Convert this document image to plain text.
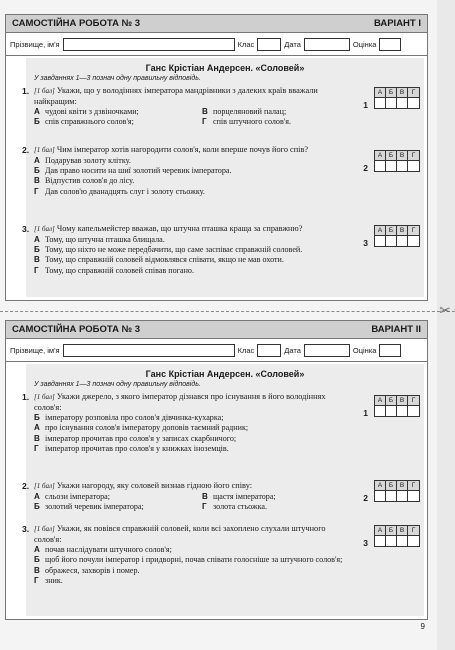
САМОСТІЙНА РОБОТА № 3	ВАРІАНТ І
Прізвище, ім'я	Клас	Дата	Оцінка
Ганс Крістіан Андерсен. «Соловей»
У завданнях 1—3 познач одну правильну відповідь.
1. [1 бал] Укажи, що у володіннях імператора мандрівники з далеких країв вважали найкращим:
А чудові квіти з дзвіночками;	В порцеляновий палац;
Б спів справжнього солов'я;	Г спів штучного солов'я.
1
А	Б	В	Г
2. [1 бал] Чим імператор хотів нагородити солов'я, коли вперше почув його спів?
А Подарував золоту клітку.
Б Дав право носити на шиї золотий черевик імператора.
В Відпустив солов'я до лісу.
Г Дав солов'ю дванадцять слуг і золоту стьожку.
2
А	Б	В	Г
3. [1 бал] Чому капельмейстер вважав, що штучна пташка краща за справжню?
А Тому, що штучна пташка блищала.
Б Тому, що ніхто не може передбачити, що саме заспіває справжній соловей.
В Тому, що справжній соловей відмовлявся співати, якщо не мав охоти.
Г Тому, що справжній соловей співав погано.
3
А	Б	В	Г
✂
САМОСТІЙНА РОБОТА № 3	ВАРІАНТ ІІ
Прізвище, ім'я	Клас	Дата	Оцінка
Ганс Крістіан Андерсен. «Соловей»
У завданнях 1—3 познач одну правильну відповідь.
1. [1 бал] Укажи джерело, з якого імператор дізнався про існування в його володіннях солов'я:
Б імператору розповіла про солов'я дівчинка-кухарка;
А про існування солов'я імператору доповів таємний радник;
В імператор прочитав про солов'я у записах скарбничого;
Г імператор прочитав про солов'я у книжках іноземців.
1
А	Б	В	Г
2. [1 бал] Укажи нагороду, яку соловей визнав гідною його співу:
А сльози імператора;	В щастя імператора;
Б золотий черевик імператора;	Г золота стьожка.
2
А	Б	В	Г
3. [1 бал] Укажи, як повівся справжній соловей, коли всі захоплено слухали штучного солов'я:
А почав наслідувати штучного солов'я;
Б щоб його почули імператор і придворні, почав співати голосніше за штучного солов'я;
В ображеся, захворів і помер.
Г зник.
3
А	Б	В	Г
9
